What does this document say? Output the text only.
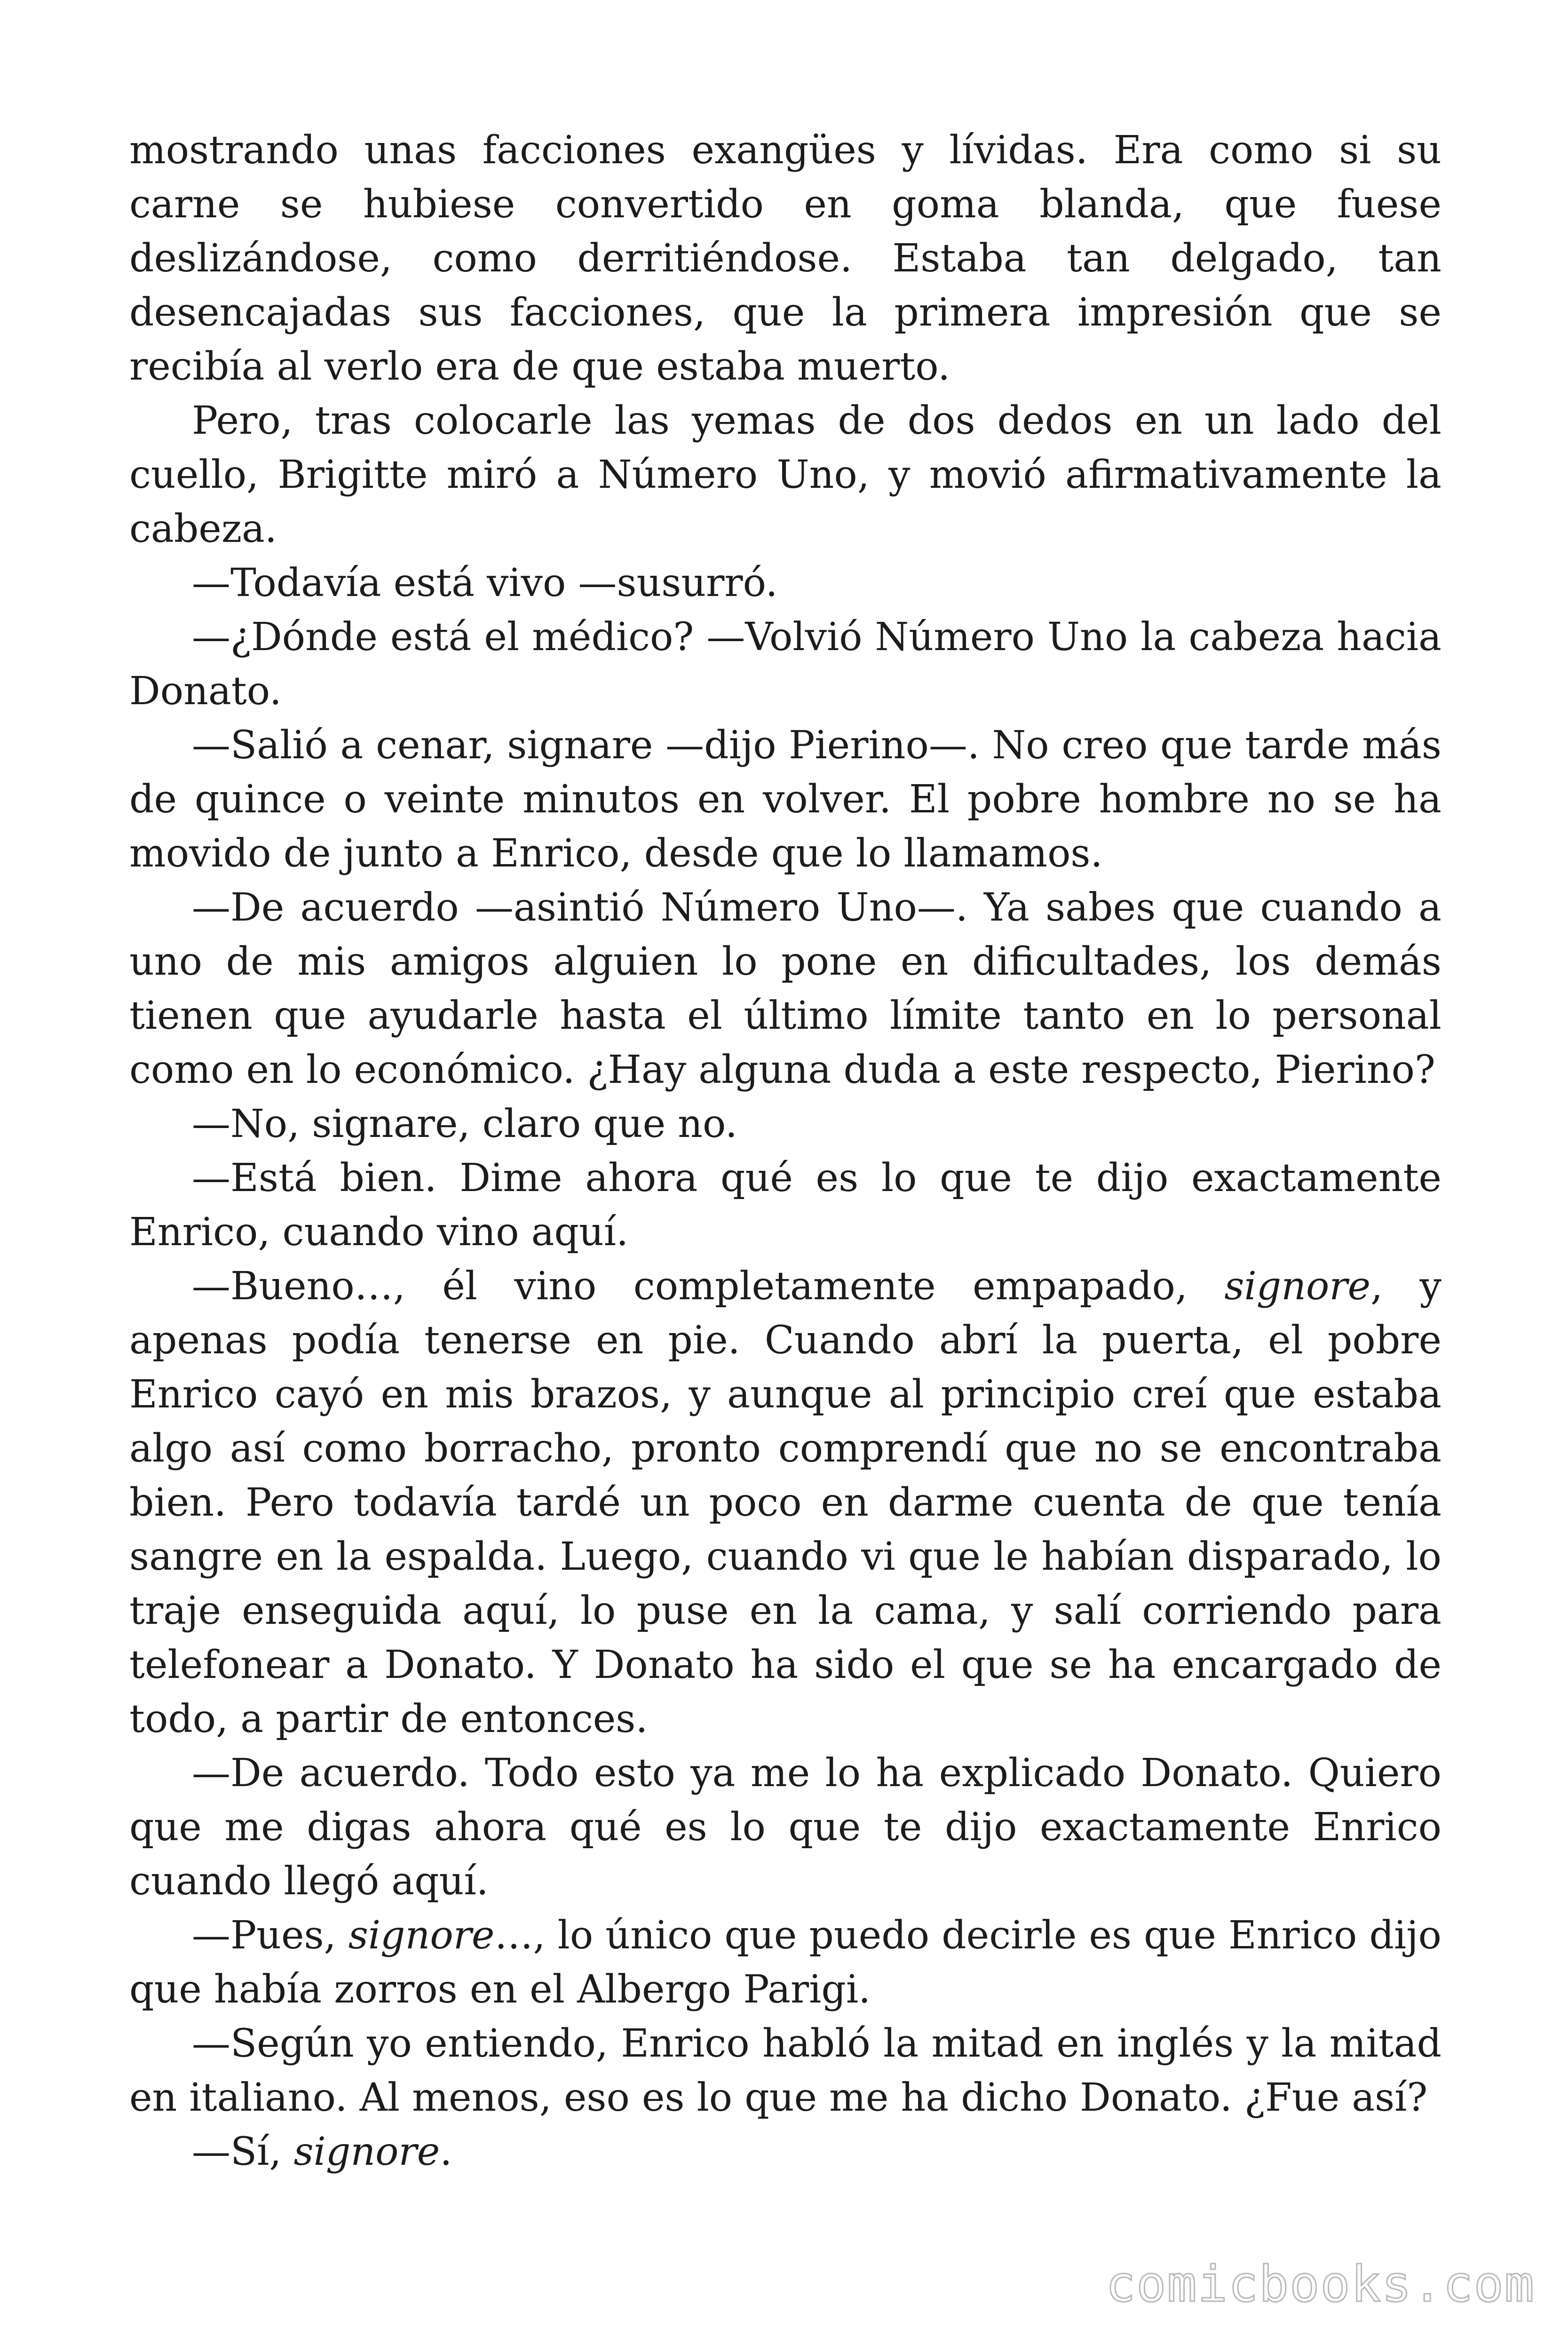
mostrando unas facciones exangües y lívidas. Era como si su carne se hubiese convertido en goma blanda, que fuese deslizándose, como derritiéndose. Estaba tan delgado, tan desencajadas sus facciones, que la primera impresión que se recibía al verlo era de que estaba muerto.

Pero, tras colocarle las yemas de dos dedos en un lado del cuello, Brigitte miró a Número Uno, y movió afirmativamente la cabeza.

—Todavía está vivo —susurró.

—¿Dónde está el médico? —Volvió Número Uno la cabeza hacia Donato.

—Salió a cenar, signare —dijo Pierino—. No creo que tarde más de quince o veinte minutos en volver. El pobre hombre no se ha movido de junto a Enrico, desde que lo llamamos.

—De acuerdo —asintió Número Uno—. Ya sabes que cuando a uno de mis amigos alguien lo pone en dificultades, los demás tienen que ayudarle hasta el último límite tanto en lo personal como en lo económico. ¿Hay alguna duda a este respecto, Pierino?

—No, signare, claro que no.

—Está bien. Dime ahora qué es lo que te dijo exactamente Enrico, cuando vino aquí.

—Bueno…, él vino completamente empapado, signore, y apenas podía tenerse en pie. Cuando abrí la puerta, el pobre Enrico cayó en mis brazos, y aunque al principio creí que estaba algo así como borracho, pronto comprendí que no se encontraba bien. Pero todavía tardé un poco en darme cuenta de que tenía sangre en la espalda. Luego, cuando vi que le habían disparado, lo traje enseguida aquí, lo puse en la cama, y salí corriendo para telefonear a Donato. Y Donato ha sido el que se ha encargado de todo, a partir de entonces.

—De acuerdo. Todo esto ya me lo ha explicado Donato. Quiero que me digas ahora qué es lo que te dijo exactamente Enrico cuando llegó aquí.

—Pues, signore…, lo único que puedo decirle es que Enrico dijo que había zorros en el Albergo Parigi.

—Según yo entiendo, Enrico habló la mitad en inglés y la mitad en italiano. Al menos, eso es lo que me ha dicho Donato. ¿Fue así?

—Sí, signore.

comicbooks.com
